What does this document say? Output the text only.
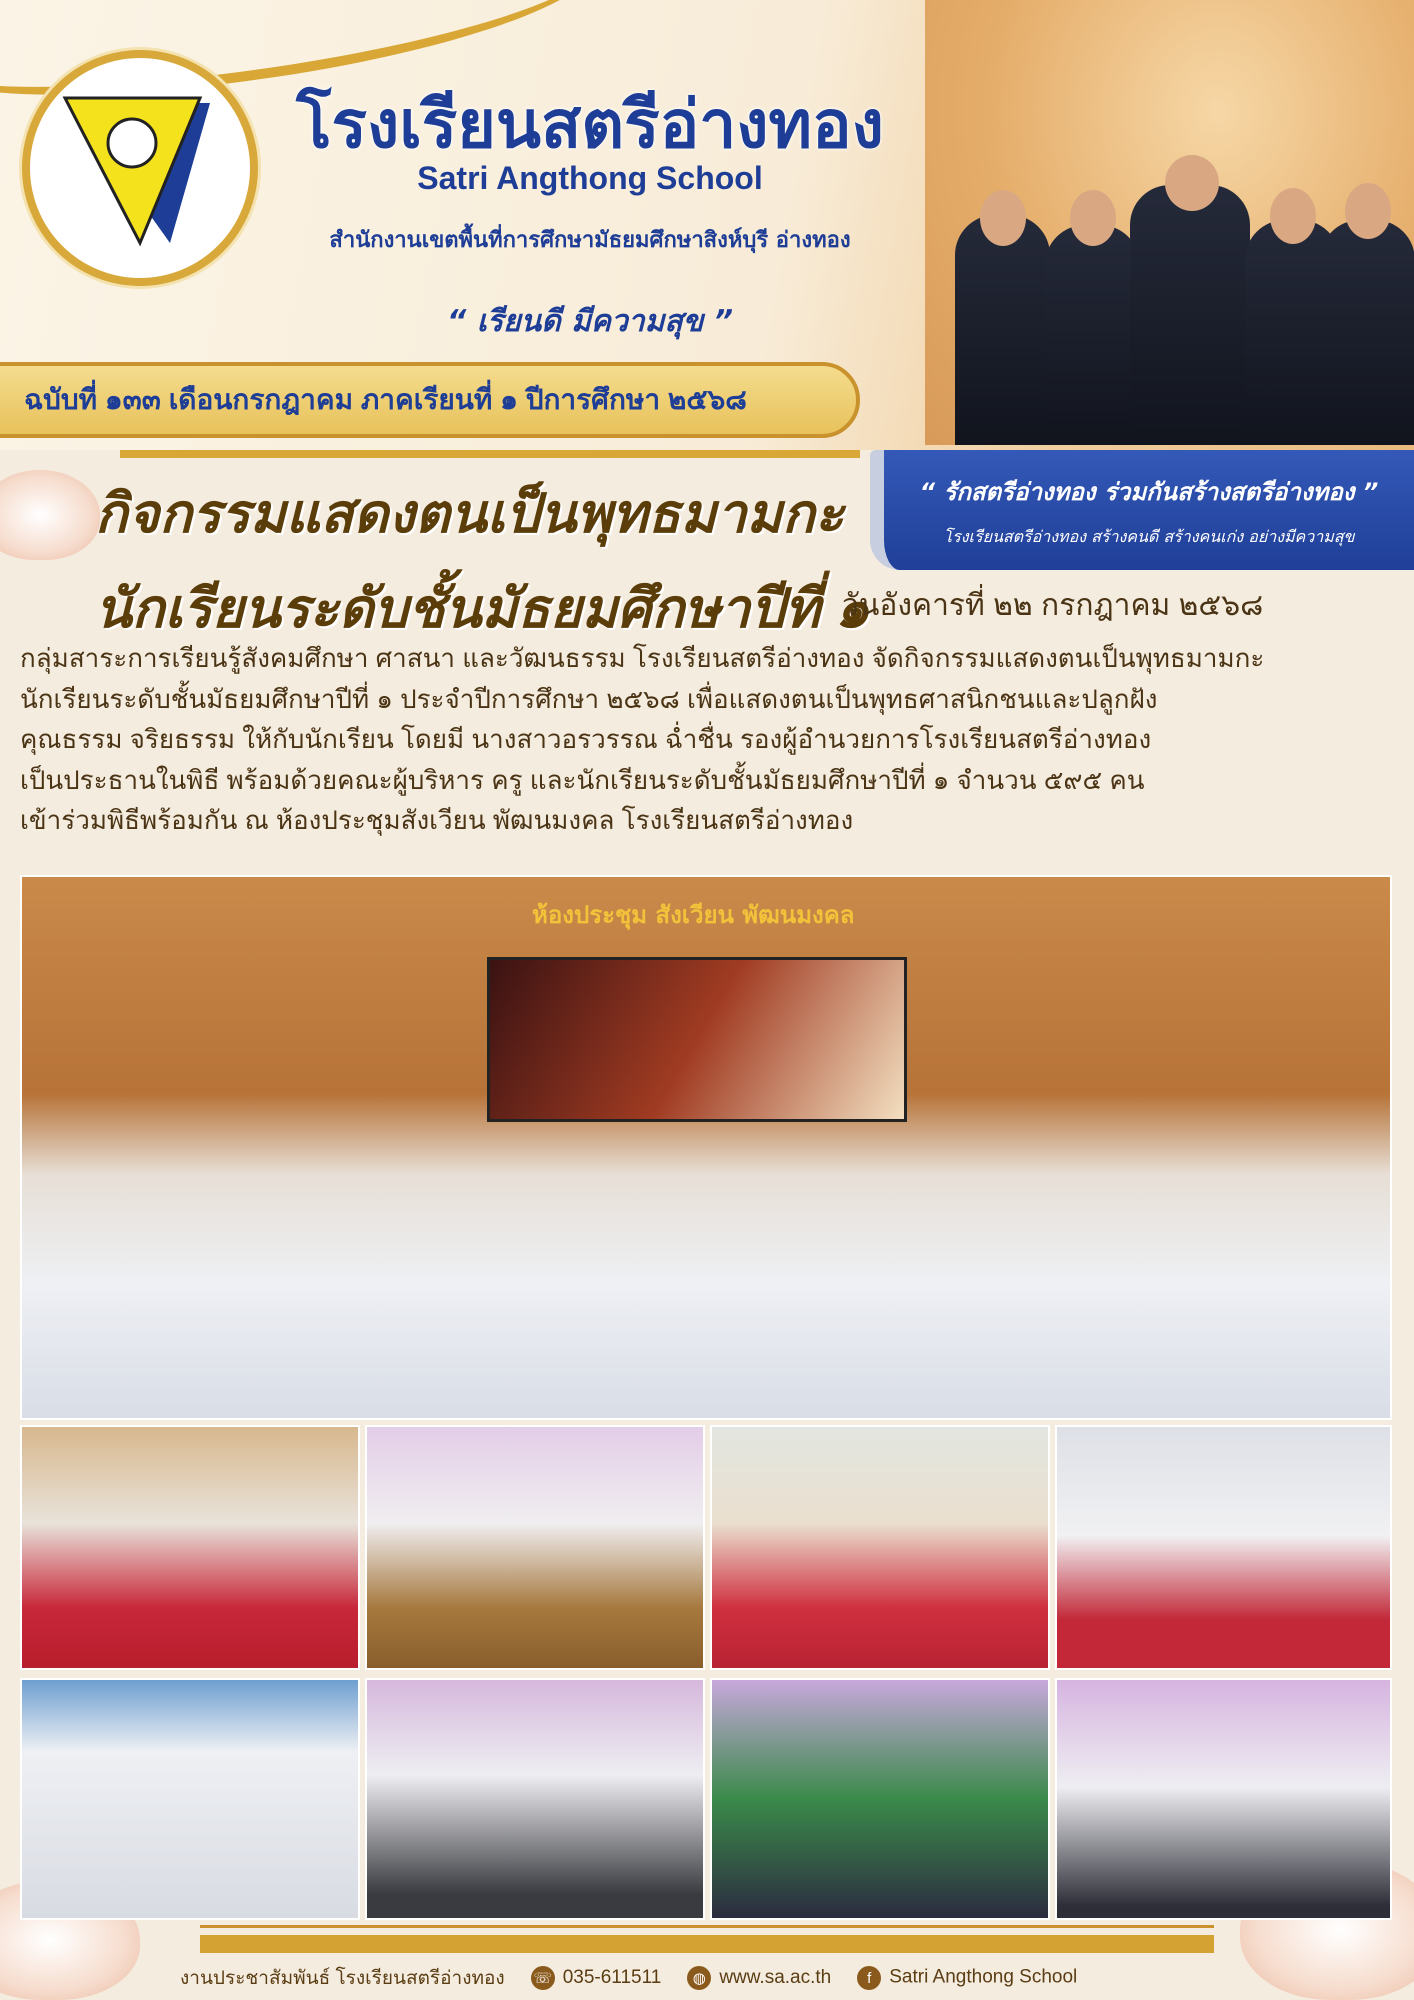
โรงเรียนสตรีอ่างทอง
Satri Angthong School
สำนักงานเขตพื้นที่การศึกษามัธยมศึกษาสิงห์บุรี อ่างทอง
“ เรียนดี มีความสุข ”
ฉบับที่ ๑๓๓ เดือนกรกฎาคม ภาคเรียนที่ ๑ ปีการศึกษา ๒๕๖๘
“ รักสตรีอ่างทอง ร่วมกันสร้างสตรีอ่างทอง ”
โรงเรียนสตรีอ่างทอง สร้างคนดี สร้างคนเก่ง อย่างมีความสุข
กิจกรรมแสดงตนเป็นพุทธมามกะ
นักเรียนระดับชั้นมัธยมศึกษาปีที่ ๑
วันอังคารที่ ๒๒ กรกฎาคม ๒๕๖๘
กลุ่มสาระการเรียนรู้สังคมศึกษา ศาสนา และวัฒนธรรม โรงเรียนสตรีอ่างทอง จัดกิจกรรมแสดงตนเป็นพุทธมามกะ
นักเรียนระดับชั้นมัธยมศึกษาปีที่ ๑ ประจำปีการศึกษา ๒๕๖๘ เพื่อแสดงตนเป็นพุทธศาสนิกชนและปลูกฝัง
คุณธรรม จริยธรรม ให้กับนักเรียน โดยมี นางสาวอรวรรณ ฉ่ำชื่น รองผู้อำนวยการโรงเรียนสตรีอ่างทอง
เป็นประธานในพิธี พร้อมด้วยคณะผู้บริหาร ครู และนักเรียนระดับชั้นมัธยมศึกษาปีที่ ๑ จำนวน ๕๙๕ คน
เข้าร่วมพิธีพร้อมกัน ณ ห้องประชุมสังเวียน พัฒนมงคล โรงเรียนสตรีอ่างทอง
ห้องประชุม สังเวียน พัฒนมงคล
งานประชาสัมพันธ์ โรงเรียนสตรีอ่างทอง ☏ 035-611511	◍ www.sa.ac.th	f Satri Angthong School
